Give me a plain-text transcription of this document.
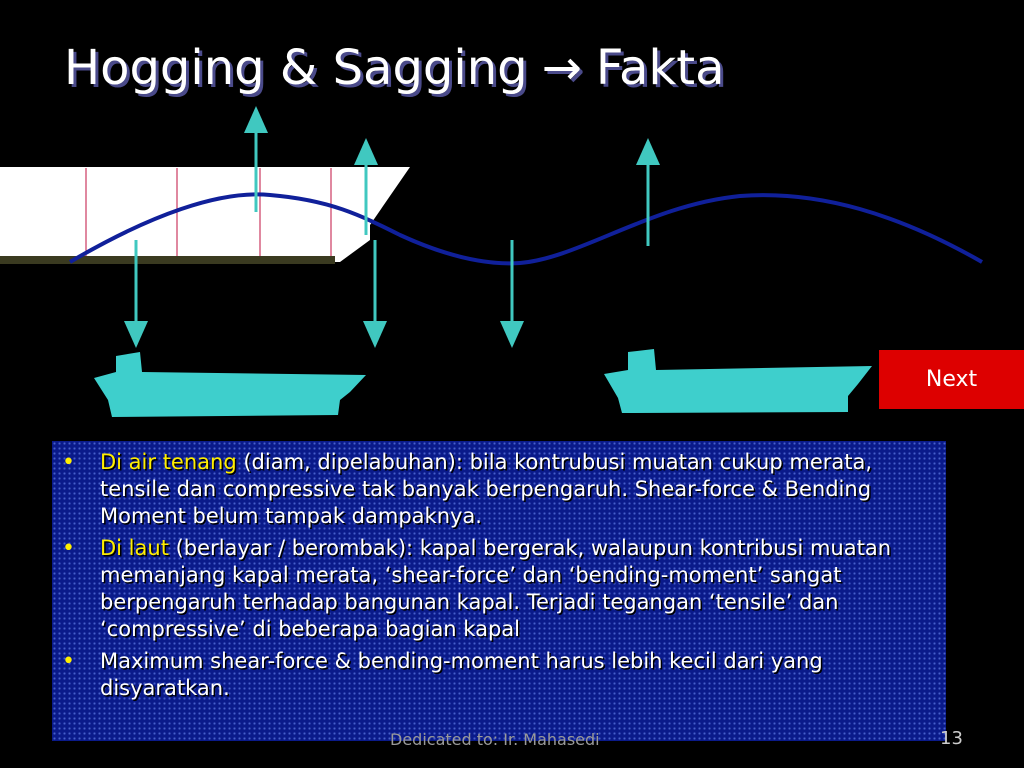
Hogging & Sagging → Fakta
Next
• Di air tenang (diam, dipelabuhan): bila kontrubusi muatan cukup merata, tensile dan compressive tak banyak berpengaruh. Shear-force & Bending Moment belum tampak dampaknya.
• Di laut (berlayar / berombak): kapal bergerak, walaupun kontribusi muatan memanjang kapal merata, ‘shear-force’ dan ‘bending-moment’ sangat berpengaruh terhadap bangunan kapal. Terjadi tegangan ‘tensile’ dan ‘compressive’ di beberapa bagian kapal
• Maximum shear-force & bending-moment harus lebih kecil dari yang disyaratkan.
Dedicated to: Ir. Mahasedi	13
